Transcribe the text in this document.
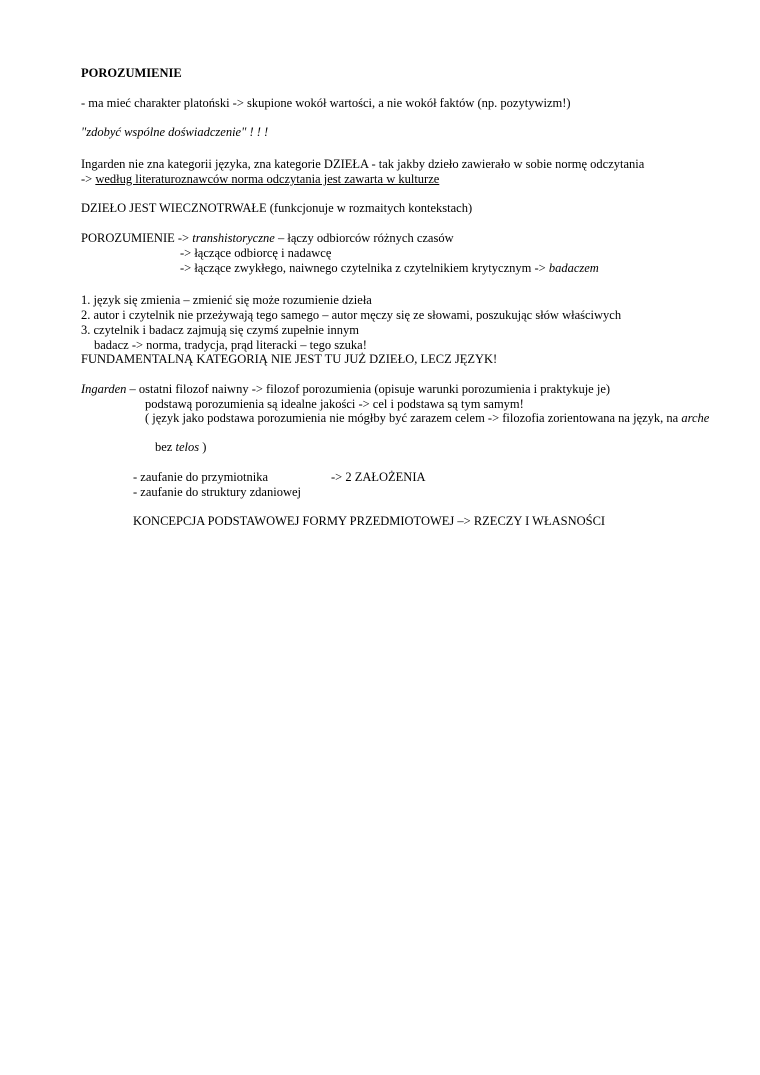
POROZUMIENIE
- ma mieć charakter platoński -> skupione wokół wartości, a nie wokół faktów (np. pozytywizm!)
"zdobyć wspólne doświadczenie" ! ! !
Ingarden nie zna kategorii języka, zna kategorie DZIEŁA - tak jakby dzieło zawierało w sobie normę odczytania
-> według literaturoznawców norma odczytania jest zawarta w kulturze
DZIEŁO JEST WIECZNOTRWAŁE (funkcjonuje w rozmaitych kontekstach)
POROZUMIENIE -> transhistoryczne – łączy odbiorców różnych czasów
-> łączące odbiorcę i nadawcę
-> łączące zwykłego, naiwnego czytelnika z czytelnikiem krytycznym -> badaczem
1. język się zmienia – zmienić się może rozumienie dzieła
2. autor i czytelnik nie przeżywają tego samego – autor męczy się ze słowami, poszukując słów właściwych
3. czytelnik i badacz zajmują się czymś zupełnie innym
badacz -> norma, tradycja, prąd literacki – tego szuka!
FUNDAMENTALNĄ KATEGORIĄ NIE JEST TU JUŻ DZIEŁO, LECZ JĘZYK!
Ingarden – ostatni filozof naiwny -> filozof porozumienia (opisuje warunki porozumienia i praktykuje je)
podstawą porozumienia są idealne jakości -> cel i podstawa są tym samym!
( język jako podstawa porozumienia nie mógłby być zarazem celem -> filozofia zorientowana na język, na arche
bez telos )
- zaufanie do przymiotnika	-> 2 ZAŁOŻENIA
- zaufanie do struktury zdaniowej
KONCEPCJA PODSTAWOWEJ FORMY PRZEDMIOTOWEJ –> RZECZY I WŁASNOŚCI
